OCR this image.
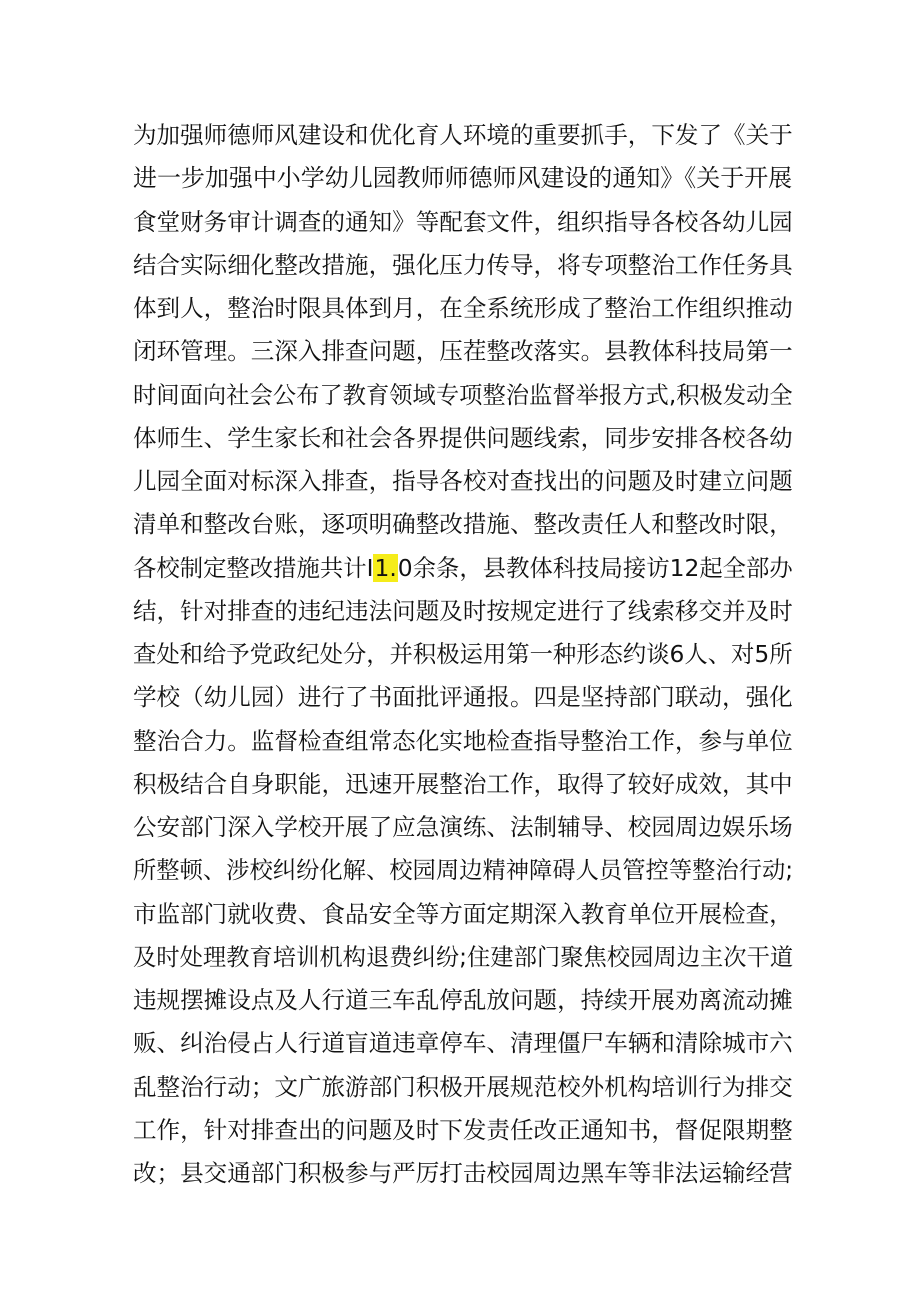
为加强师德师风建设和优化育人环境的重要抓手，下发了《关于
进一步加强中小学幼儿园教师师德师风建设的通知》《关于开展
食堂财务审计调查的通知》等配套文件，组织指导各校各幼儿园
结合实际细化整改措施，强化压力传导，将专项整治工作任务具
体到人，整治时限具体到月，在全系统形成了整治工作组织推动
闭环管理。三深入排查问题，压茬整改落实。县教体科技局第一
时间面向社会公布了教育领域专项整治监督举报方式,积极发动全
体师生、学生家长和社会各界提供问题线索，同步安排各校各幼
儿园全面对标深入排查，指导各校对查找出的问题及时建立问题
清单和整改台账，逐项明确整改措施、整改责任人和整改时限，
各校制定整改措施共计I1.0余条，县教体科技局接访12起全部办
结，针对排查的违纪违法问题及时按规定进行了线索移交并及时
查处和给予党政纪处分，并积极运用第一种形态约谈6人、对5所
学校（幼儿园）进行了书面批评通报。四是坚持部门联动，强化
整治合力。监督检查组常态化实地检查指导整治工作，参与单位
积极结合自身职能，迅速开展整治工作，取得了较好成效，其中
公安部门深入学校开展了应急演练、法制辅导、校园周边娱乐场
所整顿、涉校纠纷化解、校园周边精神障碍人员管控等整治行动;
市监部门就收费、食品安全等方面定期深入教育单位开展检查，
及时处理教育培训机构退费纠纷;住建部门聚焦校园周边主次干道
违规摆摊设点及人行道三车乱停乱放问题，持续开展劝离流动摊
贩、纠治侵占人行道盲道违章停车、清理僵尸车辆和清除城市六
乱整治行动；文广旅游部门积极开展规范校外机构培训行为排交
工作，针对排查出的问题及时下发责任改正通知书，督促限期整
改；县交通部门积极参与严厉打击校园周边黑车等非法运输经营
